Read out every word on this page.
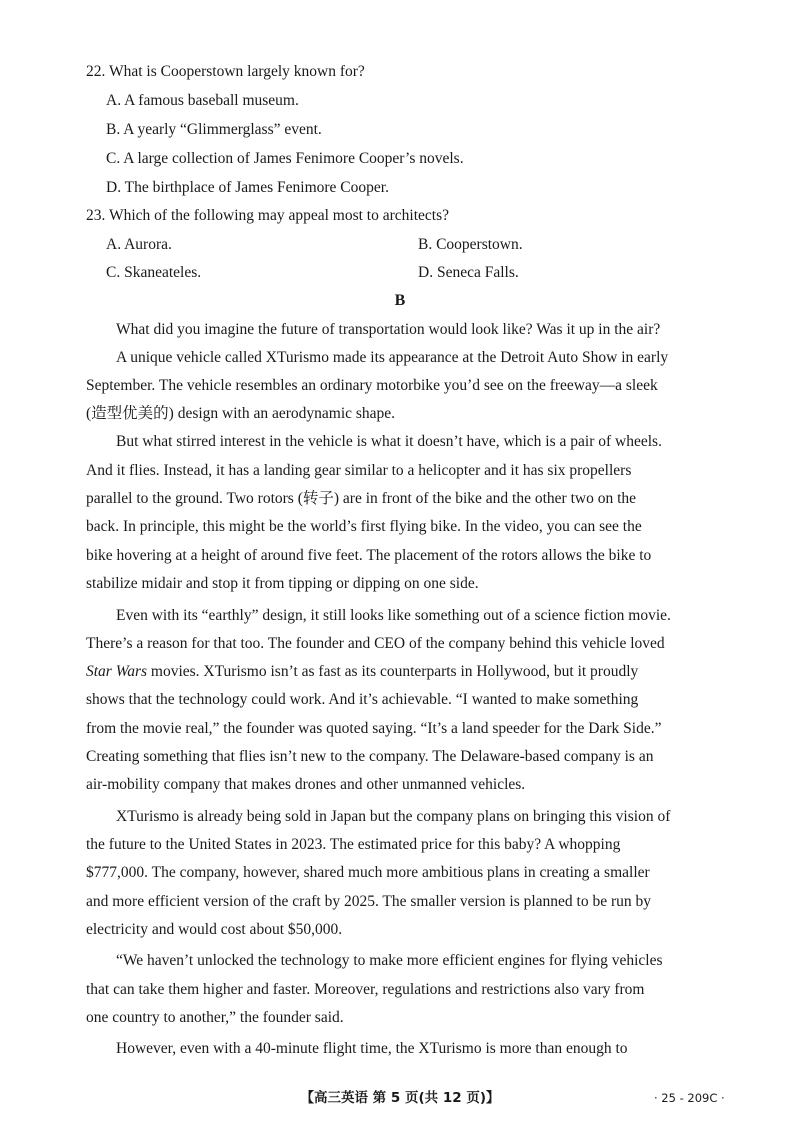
22. What is Cooperstown largely known for?
A. A famous baseball museum.
B. A yearly “Glimmerglass” event.
C. A large collection of James Fenimore Cooper’s novels.
D. The birthplace of James Fenimore Cooper.
23. Which of the following may appeal most to architects?
A. Aurora.	B. Cooperstown.
C. Skaneateles.	D. Seneca Falls.
B
What did you imagine the future of transportation would look like? Was it up in the air?
A unique vehicle called XTurismo made its appearance at the Detroit Auto Show in early
September. The vehicle resembles an ordinary motorbike you’d see on the freeway—a sleek
(造型优美的) design with an aerodynamic shape.
But what stirred interest in the vehicle is what it doesn’t have, which is a pair of wheels.
And it flies. Instead, it has a landing gear similar to a helicopter and it has six propellers
parallel to the ground. Two rotors (转子) are in front of the bike and the other two on the
back. In principle, this might be the world’s first flying bike. In the video, you can see the
bike hovering at a height of around five feet. The placement of the rotors allows the bike to
stabilize midair and stop it from tipping or dipping on one side.
Even with its “earthly” design, it still looks like something out of a science fiction movie.
There’s a reason for that too. The founder and CEO of the company behind this vehicle loved
Star Wars movies. XTurismo isn’t as fast as its counterparts in Hollywood, but it proudly
shows that the technology could work. And it’s achievable. “I wanted to make something
from the movie real,” the founder was quoted saying. “It’s a land speeder for the Dark Side.”
Creating something that flies isn’t new to the company. The Delaware-based company is an
air-mobility company that makes drones and other unmanned vehicles.
XTurismo is already being sold in Japan but the company plans on bringing this vision of
the future to the United States in 2023. The estimated price for this baby? A whopping
$777,000. The company, however, shared much more ambitious plans in creating a smaller
and more efficient version of the craft by 2025. The smaller version is planned to be run by
electricity and would cost about $50,000.
“We haven’t unlocked the technology to make more efficient engines for flying vehicles
that can take them higher and faster. Moreover, regulations and restrictions also vary from
one country to another,” the founder said.
However, even with a 40-minute flight time, the XTurismo is more than enough to
【高三英语 第 5 页(共 12 页)】	· 25 - 209C ·
